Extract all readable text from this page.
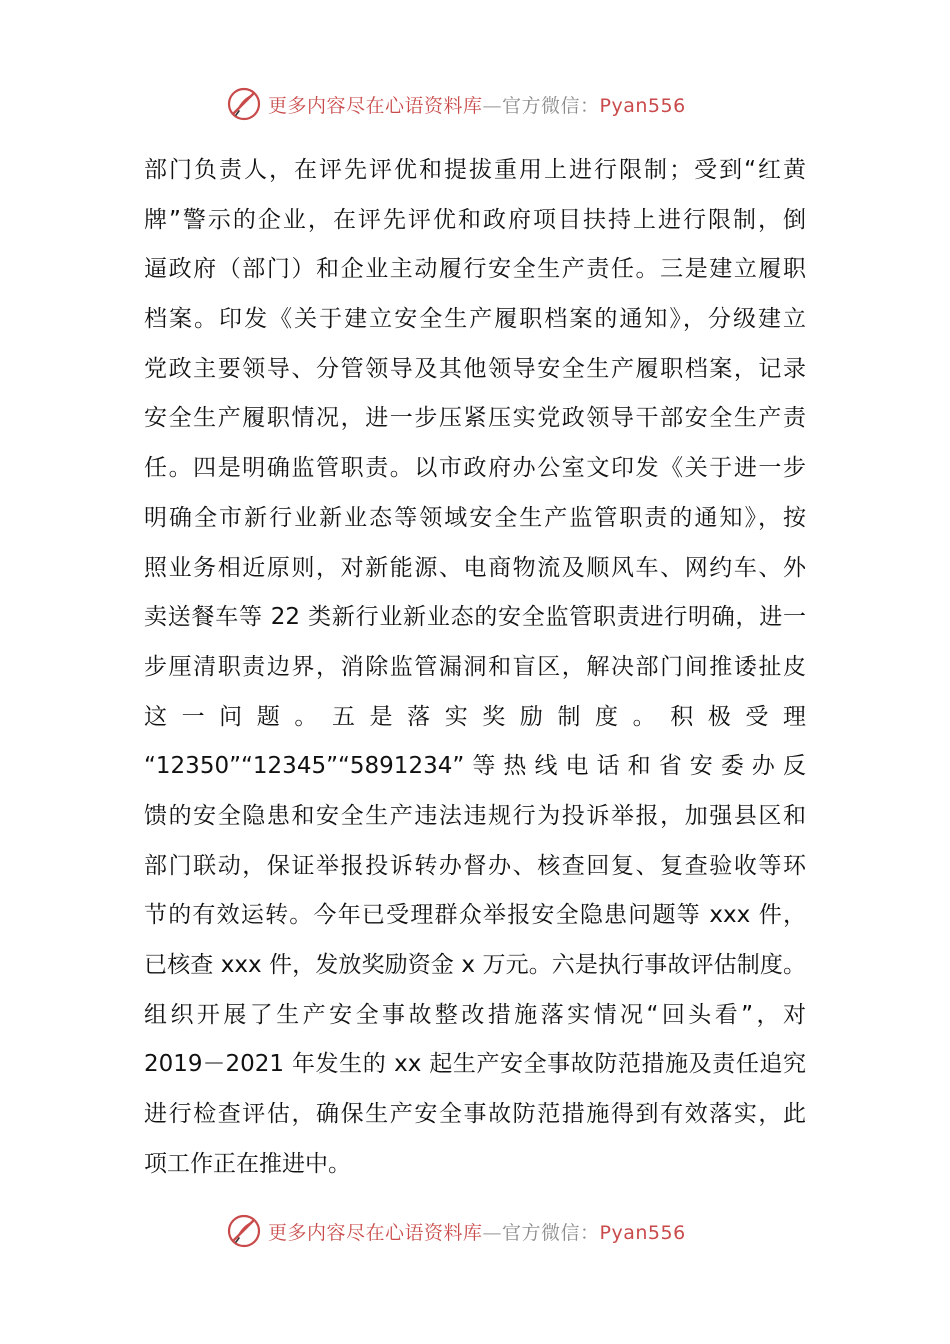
更多内容尽在心语资料库—官方微信：Pyan556
部门负责人，在评先评优和提拔重用上进行限制；受到“红黄
牌”警示的企业，在评先评优和政府项目扶持上进行限制，倒
逼政府（部门）和企业主动履行安全生产责任。三是建立履职
档案。印发《关于建立安全生产履职档案的通知》，分级建立
党政主要领导、分管领导及其他领导安全生产履职档案，记录
安全生产履职情况，进一步压紧压实党政领导干部安全生产责
任。四是明确监管职责。以市政府办公室文印发《关于进一步
明确全市新行业新业态等领域安全生产监管职责的通知》，按
照业务相近原则，对新能源、电商物流及顺风车、网约车、外
卖送餐车等 22 类新行业新业态的安全监管职责进行明确，进一
步厘清职责边界，消除监管漏洞和盲区，解决部门间推诿扯皮
这一问题。五是落实奖励制度。积极受理
“12350”“12345”“5891234”等热线电话和省安委办反
馈的安全隐患和安全生产违法违规行为投诉举报，加强县区和
部门联动，保证举报投诉转办督办、核查回复、复查验收等环
节的有效运转。今年已受理群众举报安全隐患问题等 xxx 件，
已核查 xxx 件，发放奖励资金 x 万元。六是执行事故评估制度。
组织开展了生产安全事故整改措施落实情况“回头看”，对
2019－2021 年发生的 xx 起生产安全事故防范措施及责任追究
进行检查评估，确保生产安全事故防范措施得到有效落实，此
项工作正在推进中。
更多内容尽在心语资料库—官方微信：Pyan556
